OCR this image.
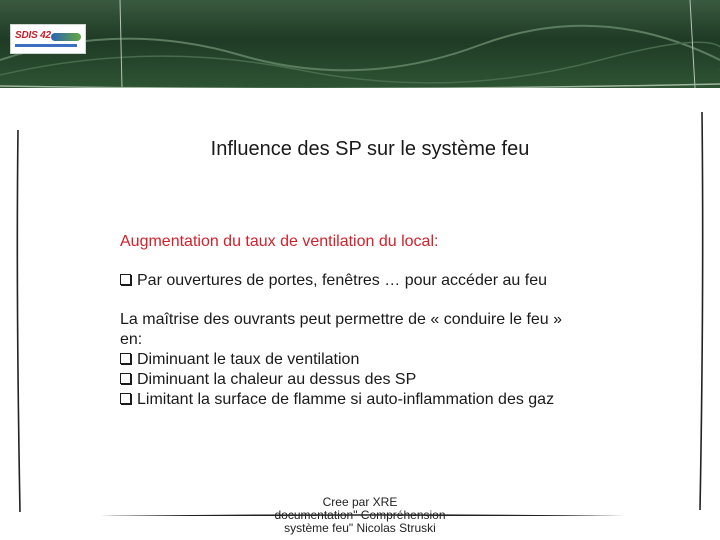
SDIS 42
Influence des SP sur le système feu
Augmentation du taux de ventilation du local:
Par ouvertures de portes, fenêtres … pour accéder au feu
La maîtrise des ouvrants peut permettre de « conduire le feu »
en:
Diminuant le taux de ventilation
Diminuant la chaleur au dessus des SP
Limitant la surface de flamme si auto-inflammation des gaz
Cree par XRE
documentation" Compréhension
système feu" Nicolas Struski
